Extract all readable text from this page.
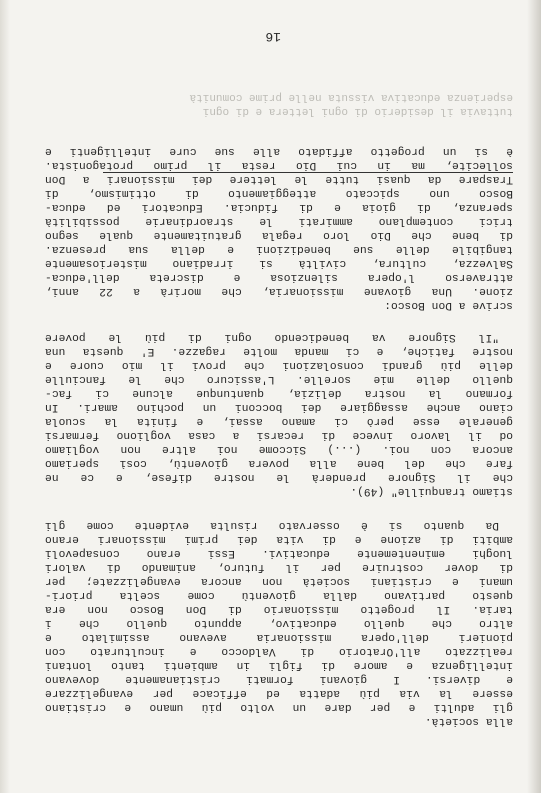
16
è si un progetto affidato alle sue cure intelligenti e
sollecite, ma in cui Dio resta il primo protagonista.
Traspare da quasi tutte le lettere dei missionari a Don
Bosco uno spiccato atteggiamento di ottimismo, di
speranza, di gioia e di fiducia. Educatori ed educa-
trici contemplano ammirati le straordinarie possibilità
di bene che Dio loro regala gratuitamente quale segno
tangibile delle sue benedizioni e della sua presenza.
Salvezza, cultura, civiltà si irradiano misteriosamente
attraverso l'opera silenziosa e discreta dell'educa-
zione. Una giovane missionaria, che morirà a 22 anni,
scrive a Don Bosco:
"Il Signore va benedicendo ogni di più le povere
nostre fatiche, e ci manda molte ragazze. E' questa una
delle più grandi consolazioni che provi il mio cuore e
quello delle mie sorelle. L'assicuro che le fanciulle
formano la nostra delizia, quantunque alcune ci fac-
ciano anche assaggiare dei bocconi un pochino amari. In
generale esse però ci amano assai, e finita la scuola
od il lavoro invece di recarsi a casa vogliono fermarsi
ancora con noi. (...) Siccome noi altre non vogliamo
fare che del bene alla povera gioventù, così speriamo
che il Signore prenderà le nostre difese, e ce ne
stiamo tranquille" (49).
Da quanto si è osservato risulta evidente come gli
ambiti di azione e di vita dei primi missionari erano
luoghi eminentemente educativi. Essi erano consapevoli
di dover costruire per il futuro, animando di valori
umani e cristiani società non ancora evangelizzate; per
questo partivano dalla gioventù come scelta priori-
taria. Il progetto missionario di Don Bosco non era
altro che quello educativo, appunto quello che i
pionieri dell'opera missionaria avevano assimilato e
realizzato all'Oratorio di Valdocco e inculturato con
intelligenza e amore di figli in ambienti tanto lontani
e diversi. I giovani formati cristianamente dovevano
essere la via più adatta ed efficace per evangelizzare
gli adulti e per dare un volto più umano e cristiano
alla società.
tuttavia il desiderio di ogni lettera e di ogni
esperienza educativa vissuta nelle prime comunità
